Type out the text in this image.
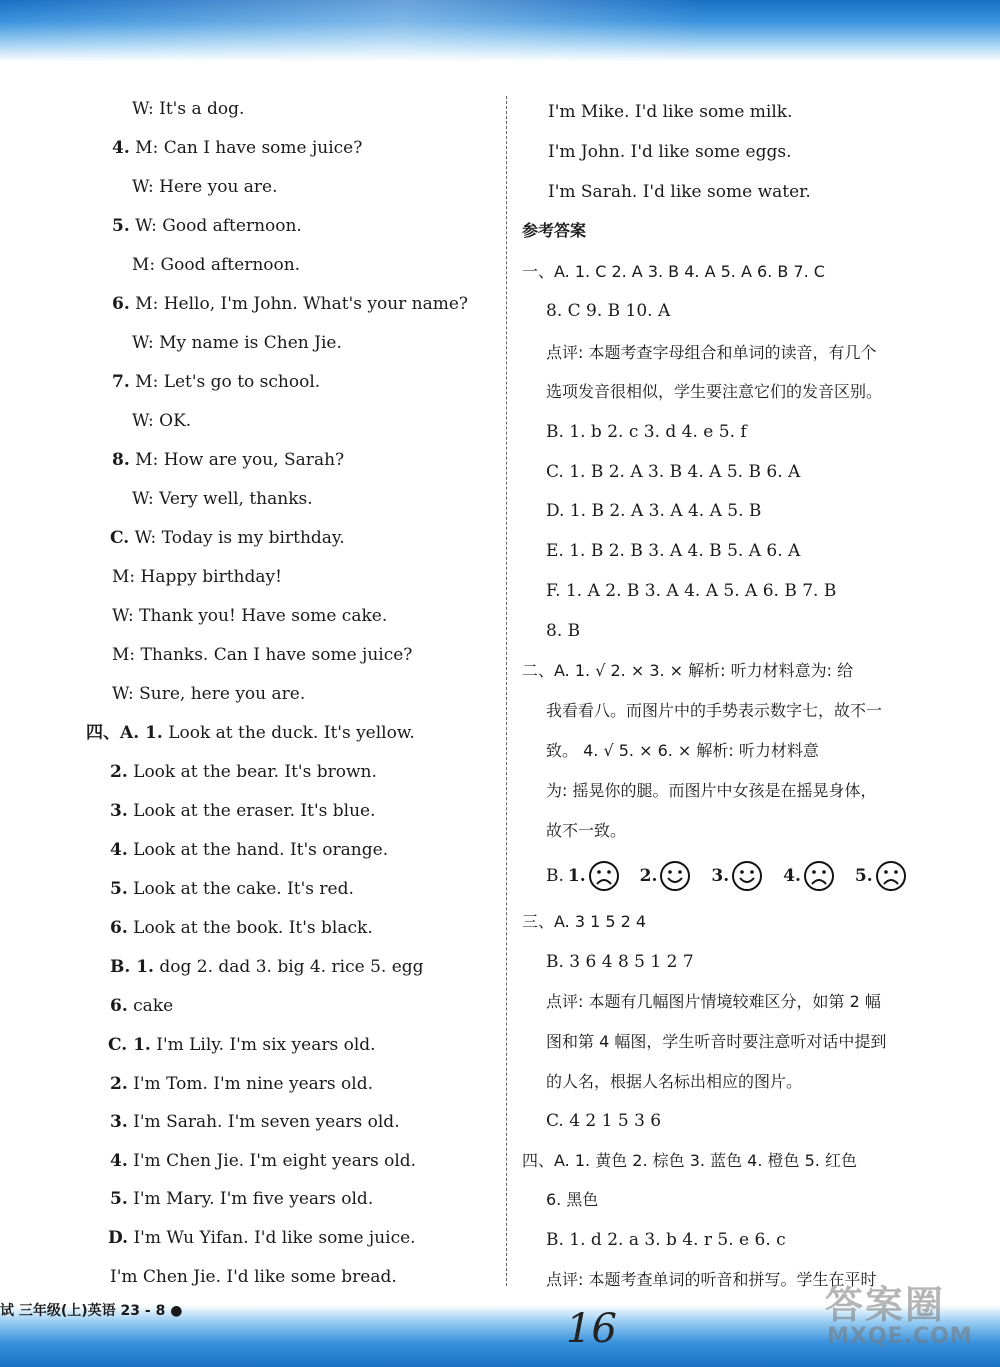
W: It's a dog.
4. M: Can I have some juice?
W: Here you are.
5. W: Good afternoon.
M: Good afternoon.
6. M: Hello, I'm John. What's your name?
W: My name is Chen Jie.
7. M: Let's go to school.
W: OK.
8. M: How are you, Sarah?
W: Very well, thanks.
C. W: Today is my birthday.
M: Happy birthday!
W: Thank you! Have some cake.
M: Thanks. Can I have some juice?
W: Sure, here you are.
四、A. 1. Look at the duck. It's yellow.
2. Look at the bear. It's brown.
3. Look at the eraser. It's blue.
4. Look at the hand. It's orange.
5. Look at the cake. It's red.
6. Look at the book. It's black.
B. 1. dog 2. dad 3. big 4. rice 5. egg
6. cake
C. 1. I'm Lily. I'm six years old.
2. I'm Tom. I'm nine years old.
3. I'm Sarah. I'm seven years old.
4. I'm Chen Jie. I'm eight years old.
5. I'm Mary. I'm five years old.
D. I'm Wu Yifan. I'd like some juice.
I'm Chen Jie. I'd like some bread.
I'm Mike. I'd like some milk.
I'm John. I'd like some eggs.
I'm Sarah. I'd like some water.
参考答案
一、A. 1. C 2. A 3. B 4. A 5. A 6. B 7. C
8. C 9. B 10. A
点评: 本题考查字母组合和单词的读音，有几个
选项发音很相似，学生要注意它们的发音区别。
B. 1. b 2. c 3. d 4. e 5. f
C. 1. B 2. A 3. B 4. A 5. B 6. A
D. 1. B 2. A 3. A 4. A 5. B
E. 1. B 2. B 3. A 4. B 5. A 6. A
F. 1. A 2. B 3. A 4. A 5. A 6. B 7. B
8. B
二、A. 1. √ 2. × 3. × 解析: 听力材料意为: 给
我看看八。而图片中的手势表示数字七，故不一
致。 4. √ 5. × 6. × 解析: 听力材料意
为: 摇晃你的腿。而图片中女孩是在摇晃身体，
故不一致。
三、A. 3 1 5 2 4
B. 3 6 4 8 5 1 2 7
点评: 本题有几幅图片情境较难区分，如第 2 幅
图和第 4 幅图，学生听音时要注意听对话中提到
的人名，根据人名标出相应的图片。
C. 4 2 1 5 3 6
四、A. 1. 黄色 2. 棕色 3. 蓝色 4. 橙色 5. 红色
6. 黑色
B. 1. d 2. a 3. b 4. r 5. e 6. c
点评: 本题考查单词的听音和拼写。学生在平时
B. 1.	2.	3.	4.	5.
试 三年级(上)英语 23 - 8 ●	16
答案圈
MXQE.COM
